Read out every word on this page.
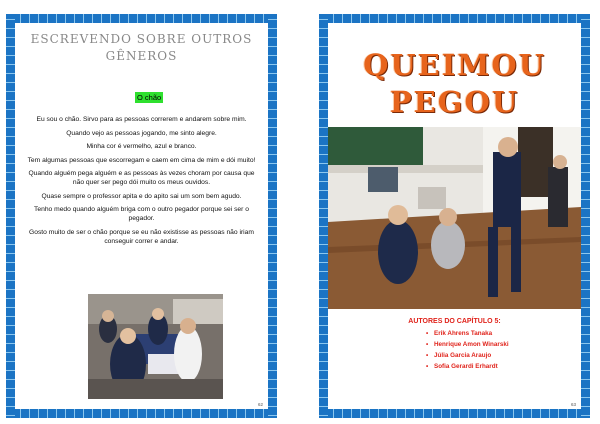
ESCREVENDO SOBRE OUTROS GÊNEROS
O chão

Eu sou o chão. Sirvo para as pessoas correrem e andarem sobre mim.

Quando vejo as pessoas jogando, me sinto alegre.

Minha cor é vermelho, azul e branco.

Tem algumas pessoas que escorregam e caem em cima de mim e dói muito!

Quando alguém pega alguém e as pessoas às vezes choram por causa que não quer ser pego dói muito os meus ouvidos.

Quase sempre o professor apita e do apito sai um som bem agudo.

Tenho medo quando alguém briga com o outro pegador porque sei ser o pegador.

Gosto muito de ser o chão porque se eu não existisse as pessoas não iriam conseguir correr e andar.

62
QUEIMOU
PEGOU
AUTORES DO CAPÍTULO 5:
• Erik Ahrens Tanaka
• Henrique Amon Winarski
• Júlia Garcia Araujo
• Sofia Gerardi Erhardt
63
